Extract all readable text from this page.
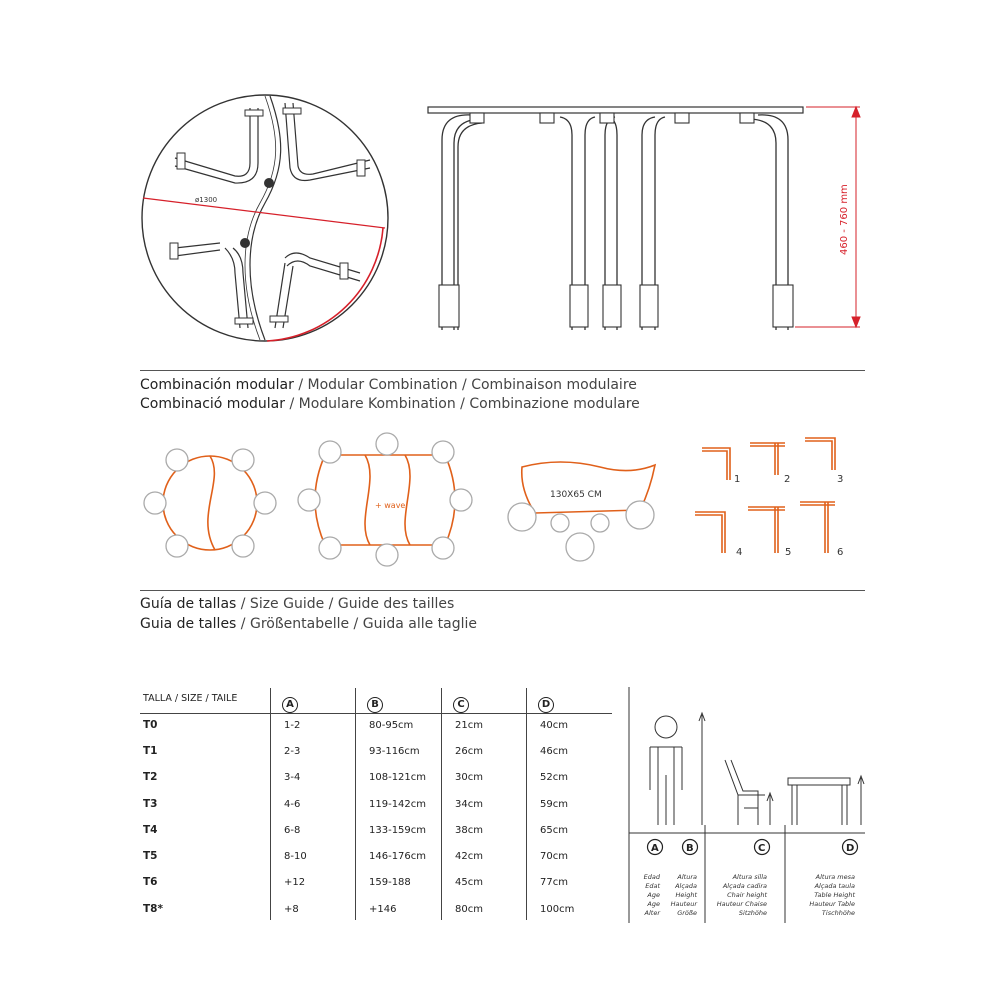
ø1300	460 - 760 mm
Combinación modular / Modular Combination / Combinaison modulaire
Combinació modular / Modulare Kombination / Combinazione modulare
+ wave
130X65 CM
1	2	3
4	5	6
Guía de tallas / Size Guide / Guide des tailles
Guia de talles / Größentabelle / Guida alle taglie
TALLA / SIZE / TAILE
A	B	C	D
T0	1-2	80-95cm	21cm	40cm
T1	2-3	93-116cm	26cm	46cm
T2	3-4	108-121cm	30cm	52cm
T3	4-6	119-142cm	34cm	59cm
T4	6-8	133-159cm	38cm	65cm
T5	8-10	146-176cm	42cm	70cm
T6	+12	159-188	45cm	77cm
T8*	+8	+146	80cm	100cm
A	B	C	D
Edad
Edat
Age
Age
Alter
Altura
Alçada
Height
Hauteur
Größe
Altura silla
Alçada cadira
Chair height
Hauteur Chaise
Sitzhöhe
Altura mesa
Alçada taula
Table Height
Hauteur Table
Tischhöhe
